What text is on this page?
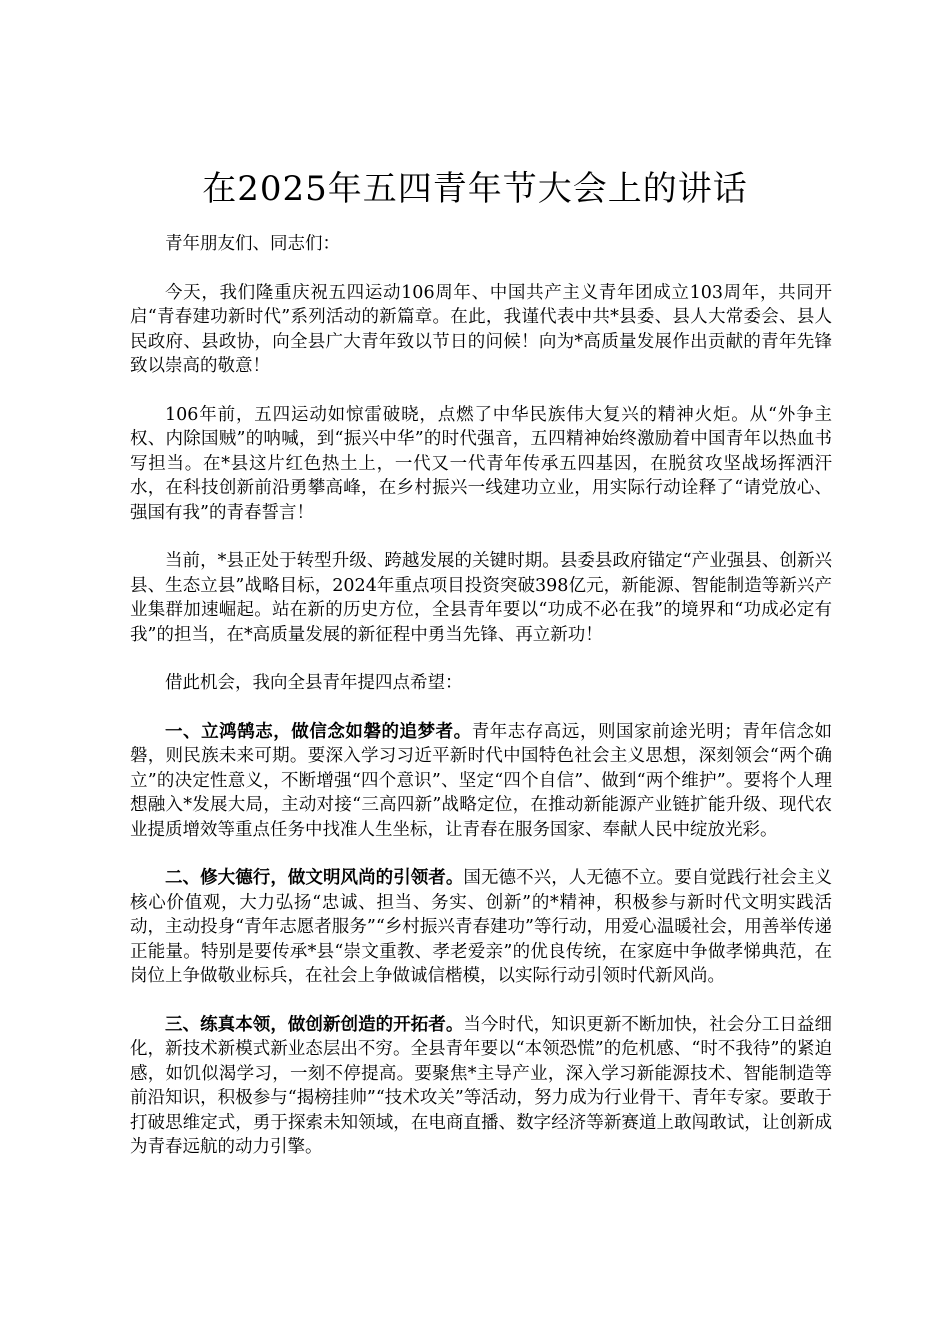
在2025年五四青年节大会上的讲话

青年朋友们、同志们：

今天，我们隆重庆祝五四运动106周年、中国共产主义青年团成立103周年，共同开启“青春建功新时代”系列活动的新篇章。在此，我谨代表中共*县委、县人大常委会、县人民政府、县政协，向全县广大青年致以节日的问候！向为*高质量发展作出贡献的青年先锋致以崇高的敬意！

106年前，五四运动如惊雷破晓，点燃了中华民族伟大复兴的精神火炬。从“外争主权、内除国贼”的呐喊，到“振兴中华”的时代强音，五四精神始终激励着中国青年以热血书写担当。在*县这片红色热土上，一代又一代青年传承五四基因，在脱贫攻坚战场挥洒汗水，在科技创新前沿勇攀高峰，在乡村振兴一线建功立业，用实际行动诠释了“请党放心、强国有我”的青春誓言！

当前，*县正处于转型升级、跨越发展的关键时期。县委县政府锚定“产业强县、创新兴县、生态立县”战略目标，2024年重点项目投资突破398亿元，新能源、智能制造等新兴产业集群加速崛起。站在新的历史方位，全县青年要以“功成不必在我”的境界和“功成必定有我”的担当，在*高质量发展的新征程中勇当先锋、再立新功！

借此机会，我向全县青年提四点希望：

一、立鸿鹄志，做信念如磐的追梦者。青年志存高远，则国家前途光明；青年信念如磐，则民族未来可期。要深入学习习近平新时代中国特色社会主义思想，深刻领会“两个确立”的决定性意义，不断增强“四个意识”、坚定“四个自信”、做到“两个维护”。要将个人理想融入*发展大局，主动对接“三高四新”战略定位，在推动新能源产业链扩能升级、现代农业提质增效等重点任务中找准人生坐标，让青春在服务国家、奉献人民中绽放光彩。

二、修大德行，做文明风尚的引领者。国无德不兴，人无德不立。要自觉践行社会主义核心价值观，大力弘扬“忠诚、担当、务实、创新”的*精神，积极参与新时代文明实践活动，主动投身“青年志愿者服务”“乡村振兴青春建功”等行动，用爱心温暖社会，用善举传递正能量。特别是要传承*县“崇文重教、孝老爱亲”的优良传统，在家庭中争做孝悌典范，在岗位上争做敬业标兵，在社会上争做诚信楷模，以实际行动引领时代新风尚。

三、练真本领，做创新创造的开拓者。当今时代，知识更新不断加快，社会分工日益细化，新技术新模式新业态层出不穷。全县青年要以“本领恐慌”的危机感、“时不我待”的紧迫感，如饥似渴学习，一刻不停提高。要聚焦*主导产业，深入学习新能源技术、智能制造等前沿知识，积极参与“揭榜挂帅”“技术攻关”等活动，努力成为行业骨干、青年专家。要敢于打破思维定式，勇于探索未知领域，在电商直播、数字经济等新赛道上敢闯敢试，让创新成为青春远航的动力引擎。
